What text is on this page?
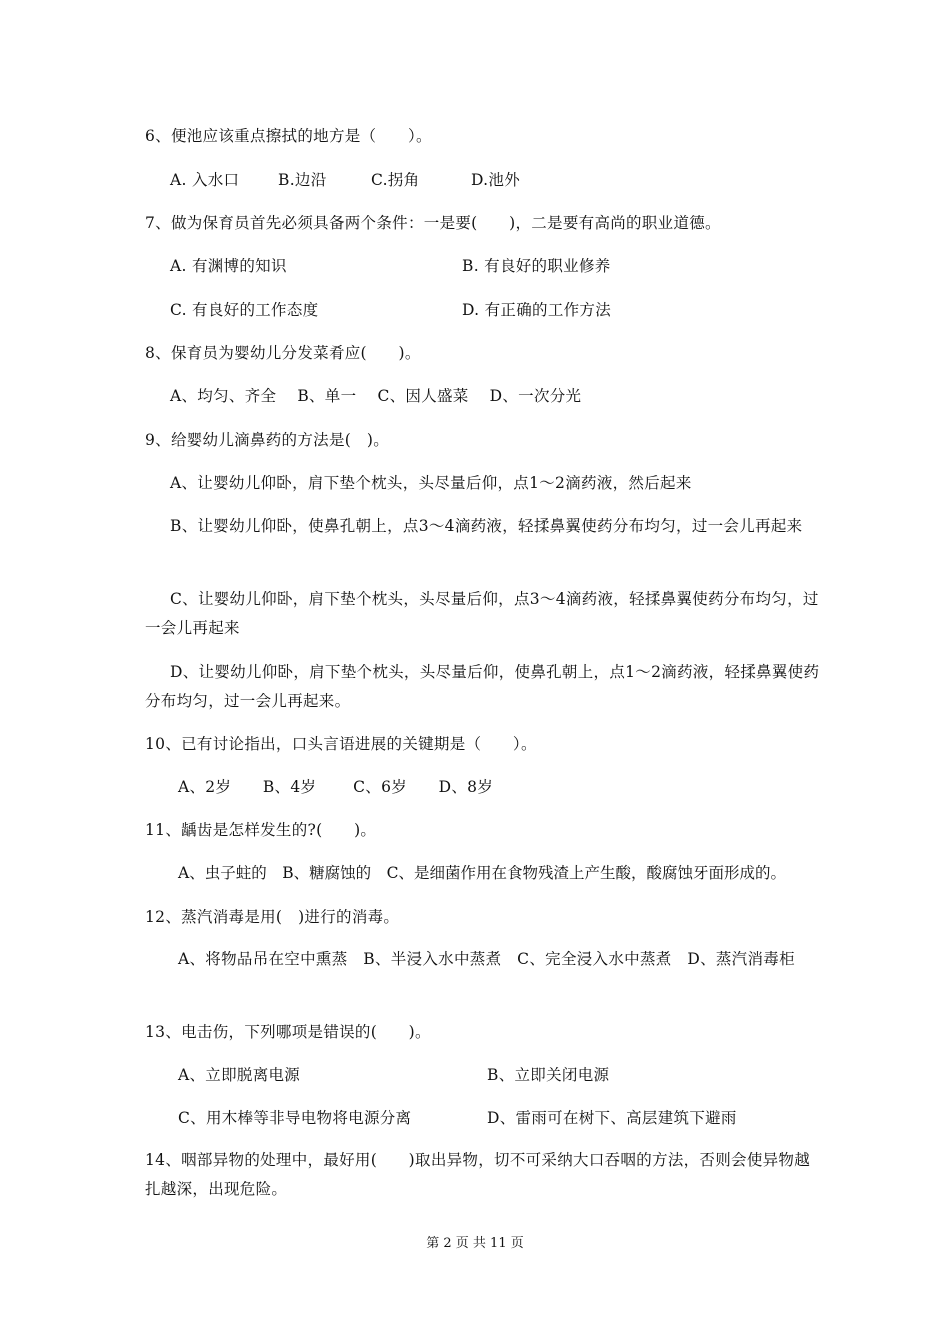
6、便池应该重点擦拭的地方是（　　）。
A. 入水口 B.边沿	C.拐角	D.池外
7、做为保育员首先必须具备两个条件：一是要(　　)，二是要有高尚的职业道德。
A. 有渊博的知识	B. 有良好的职业修养
C. 有良好的工作态度	D. 有正确的工作方法
8、保育员为婴幼儿分发菜肴应(　　)。
A、均匀、齐全　 B、单一　 C、因人盛菜　 D、一次分光
9、给婴幼儿滴鼻药的方法是(　)。
A、让婴幼儿仰卧，肩下垫个枕头，头尽量后仰，点1～2滴药液，然后起来
B、让婴幼儿仰卧，使鼻孔朝上，点3～4滴药液，轻揉鼻翼使药分布均匀，过一会儿再起来
C、让婴幼儿仰卧，肩下垫个枕头，头尽量后仰，点3～4滴药液，轻揉鼻翼使药分布均匀，过一会儿再起来
D、让婴幼儿仰卧，肩下垫个枕头，头尽量后仰，使鼻孔朝上，点1～2滴药液，轻揉鼻翼使药分布均匀，过一会儿再起来。
10、已有讨论指出，口头言语进展的关键期是（　　）。
A、2岁　　B、4岁　　 C、6岁　　D、8岁
11、龋齿是怎样发生的?(　　)。
A、虫子蛀的　B、糖腐蚀的　C、是细菌作用在食物残渣上产生酸，酸腐蚀牙面形成的。
12、蒸汽消毒是用(　)进行的消毒。
A、将物品吊在空中熏蒸　B、半浸入水中蒸煮　C、完全浸入水中蒸煮　D、蒸汽消毒柜
13、电击伤，下列哪项是错误的(　　)。
A、立即脱离电源	B、立即关闭电源
C、用木棒等非导电物将电源分离	D、雷雨可在树下、高层建筑下避雨
14、咽部异物的处理中，最好用(　　)取出异物，切不可采纳大口吞咽的方法，否则会使异物越扎越深，出现危险。
第 2 页 共 11 页
